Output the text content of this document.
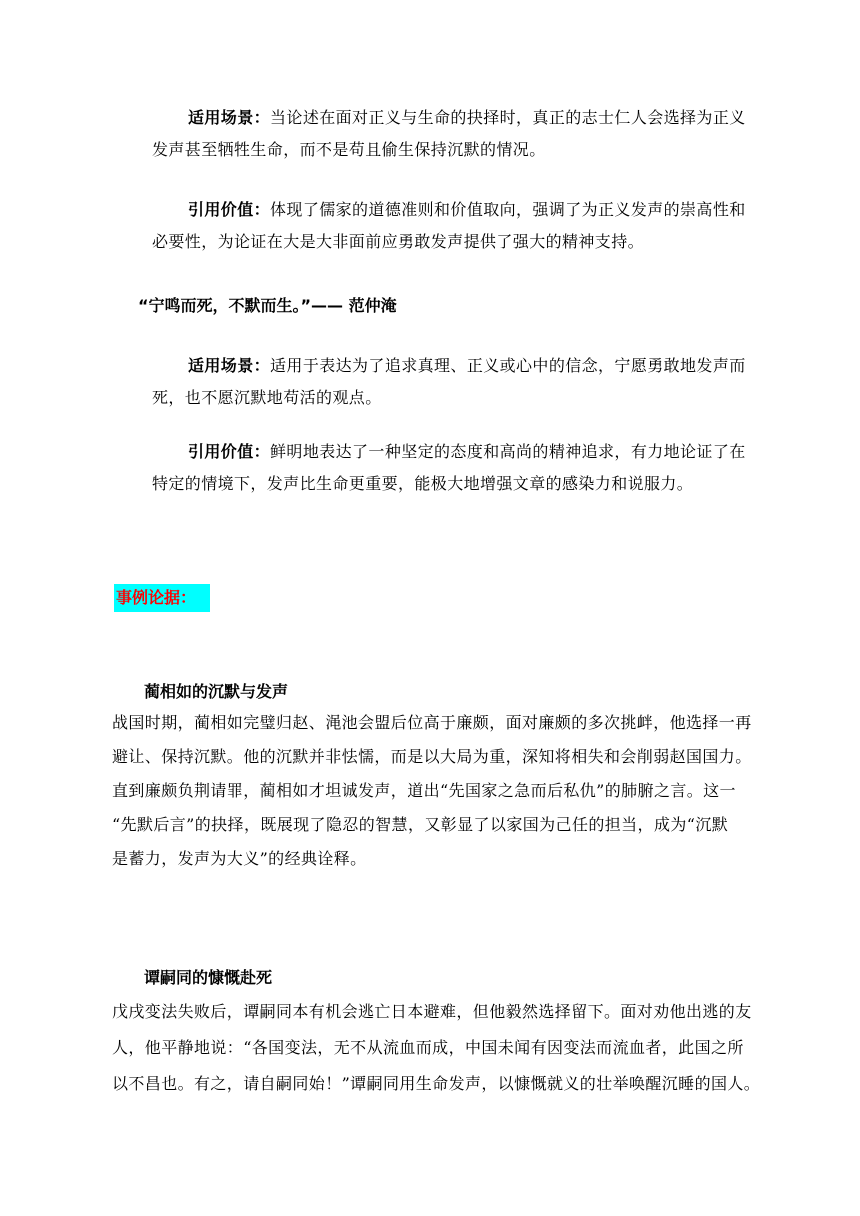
适用场景：当论述在面对正义与生命的抉择时，真正的志士仁人会选择为正义
发声甚至牺牲生命，而不是苟且偷生保持沉默的情况。

引用价值：体现了儒家的道德准则和价值取向，强调了为正义发声的崇高性和
必要性，为论证在大是大非面前应勇敢发声提供了强大的精神支持。

“宁鸣而死，不默而生。”—— 范仲淹

适用场景：适用于表达为了追求真理、正义或心中的信念，宁愿勇敢地发声而
死，也不愿沉默地苟活的观点。

引用价值：鲜明地表达了一种坚定的态度和高尚的精神追求，有力地论证了在
特定的情境下，发声比生命更重要，能极大地增强文章的感染力和说服力。

事例论据：

蔺相如的沉默与发声

战国时期，蔺相如完璧归赵、渑池会盟后位高于廉颇，面对廉颇的多次挑衅，他选择一再
避让、保持沉默。他的沉默并非怯懦，而是以大局为重，深知将相失和会削弱赵国国力。
直到廉颇负荆请罪，蔺相如才坦诚发声，道出“先国家之急而后私仇”的肺腑之言。这一
“先默后言”的抉择，既展现了隐忍的智慧，又彰显了以家国为己任的担当，成为“沉默
是蓄力，发声为大义”的经典诠释。

谭嗣同的慷慨赴死

戊戌变法失败后，谭嗣同本有机会逃亡日本避难，但他毅然选择留下。面对劝他出逃的友
人，他平静地说：“各国变法，无不从流血而成，中国未闻有因变法而流血者，此国之所
以不昌也。有之，请自嗣同始！”谭嗣同用生命发声，以慷慨就义的壮举唤醒沉睡的国人。
